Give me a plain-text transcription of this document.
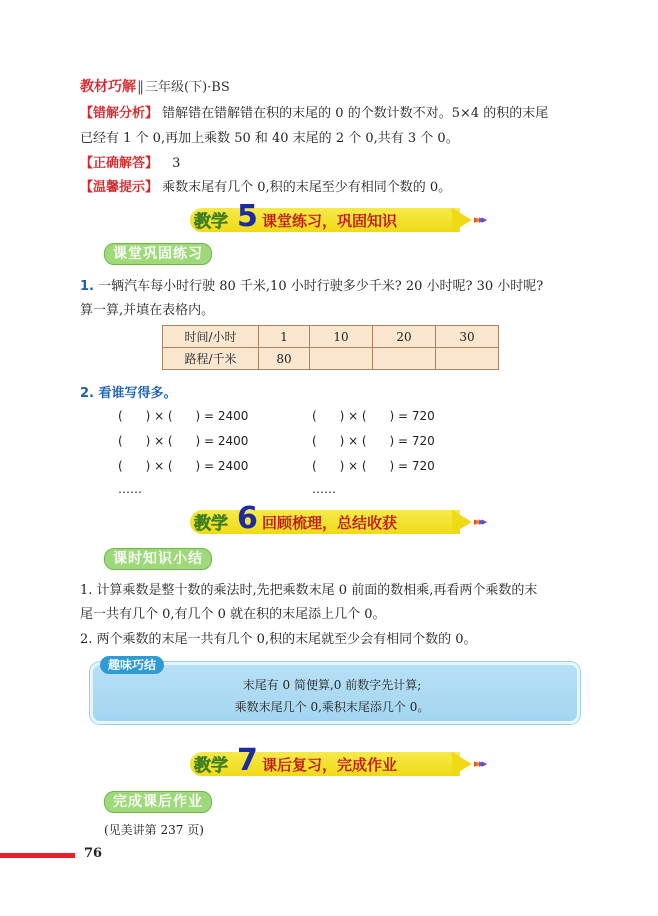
教材巧解‖三年级(下)·BS
【错解分析】 错解错在错解错在积的末尾的 0 的个数计数不对。5×4 的积的末尾
已经有 1 个 0,再加上乘数 50 和 40 末尾的 2 个 0,共有 3 个 0。
【正确解答】 3
【温馨提示】 乘数末尾有几个 0,积的末尾至少有相同个数的 0。
教学 5 课堂练习，巩固知识	▸▸▸▸
课堂巩固练习
1. 一辆汽车每小时行驶 80 千米,10 小时行驶多少千米? 20 小时呢? 30 小时呢?
算一算,并填在表格内。
时间/小时	1	10	20	30
路程/千米	80			
2. 看谁写得多。
(      ) × (      ) = 2400
(      ) × (      ) = 2400
(      ) × (      ) = 2400
……
(      ) × (      ) = 720
(      ) × (      ) = 720
(      ) × (      ) = 720
……
教学 6 回顾梳理，总结收获	▸▸▸▸
课时知识小结
1. 计算乘数是整十数的乘法时,先把乘数末尾 0 前面的数相乘,再看两个乘数的末
尾一共有几个 0,有几个 0 就在积的末尾添上几个 0。
2. 两个乘数的末尾一共有几个 0,积的末尾就至少会有相同个数的 0。
趣味巧结
末尾有 0 简便算,0 前数字先计算;
乘数末尾几个 0,乘积末尾添几个 0。
教学 7 课后复习，完成作业	▸▸▸▸
完成课后作业
(见美讲第 237 页)
76
